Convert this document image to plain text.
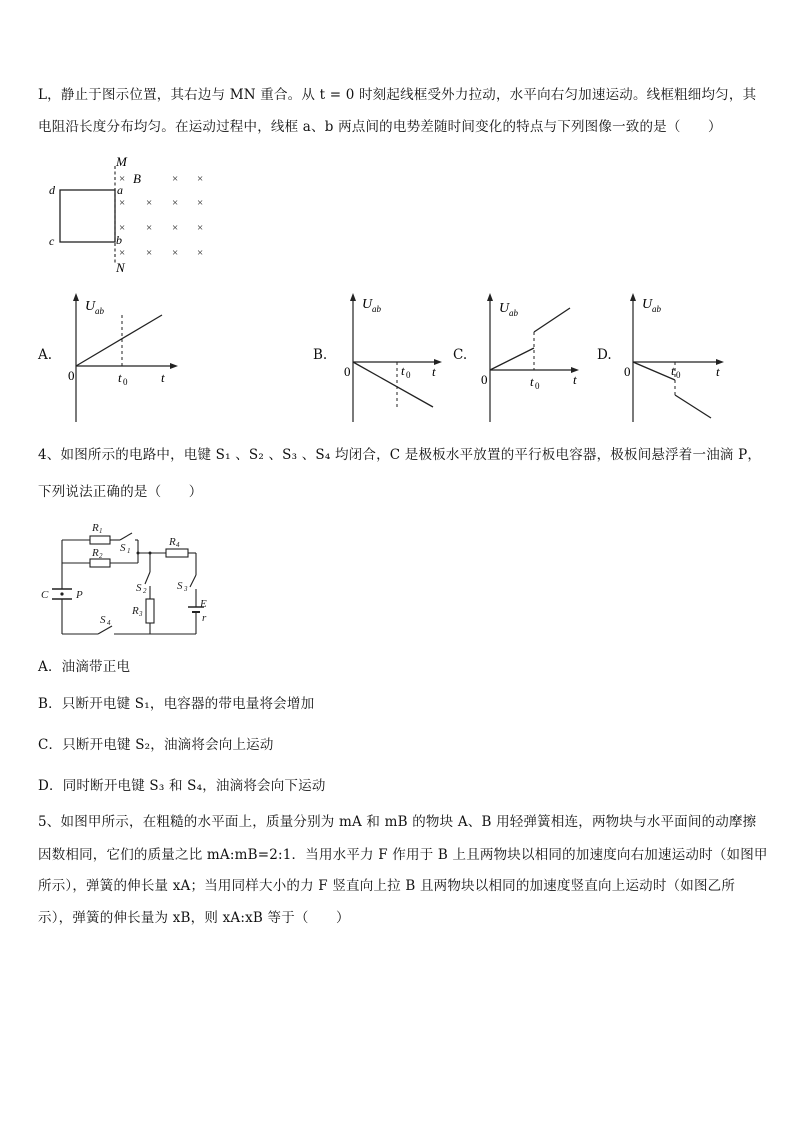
L，静止于图示位置，其右边与 MN 重合。从 t = 0 时刻起线框受外力拉动，水平向右匀加速运动。线框粗细均匀，其
电阻沿长度分布均匀。在运动过程中，线框 a、b 两点间的电势差随时间变化的特点与下列图像一致的是（　　）
M
N
a
b
d
c
B
×	× ×
× × × ×
× × × ×
× × × ×
A.
U ab
0	t 0	t
B.
U ab
0	t 0 t
C.
U ab
0	t 0	t
D.
U ab
0	t 0	t
4、如图所示的电路中，电键 S₁ 、S₂ 、S₃ 、S₄ 均闭合，C 是极板水平放置的平行板电容器，极板间悬浮着一油滴 P，
下列说法正确的是（　　）
R 1
R 2
R 4
R 3
S 1
S 2	S 3
S 4
C	P
E
r
A．油滴带正电
B．只断开电键 S₁，电容器的带电量将会增加
C．只断开电键 S₂，油滴将会向上运动
D．同时断开电键 S₃ 和 S₄，油滴将会向下运动
5、如图甲所示，在粗糙的水平面上，质量分别为 mA 和 mB 的物块 A、B 用轻弹簧相连，两物块与水平面间的动摩擦
因数相同，它们的质量之比 mA:mB=2:1．当用水平力 F 作用于 B 上且两物块以相同的加速度向右加速运动时（如图甲
所示），弹簧的伸长量 xA；当用同样大小的力 F 竖直向上拉 B 且两物块以相同的加速度竖直向上运动时（如图乙所
示），弹簧的伸长量为 xB，则 xA:xB 等于（　　）
